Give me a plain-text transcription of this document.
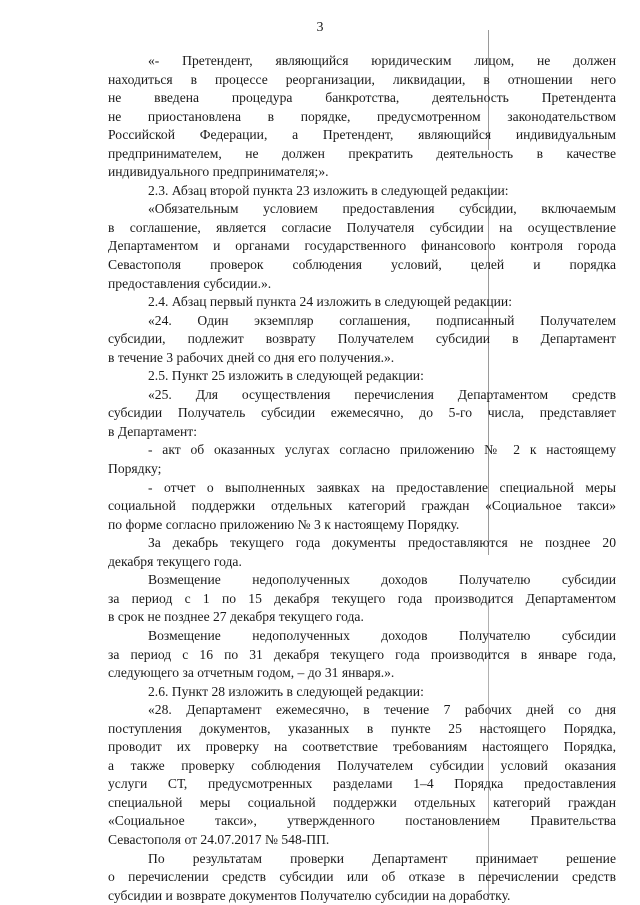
3

«- Претендент, являющийся юридическим лицом, не должен

находиться в процессе реорганизации, ликвидации, в отношении него

не введена процедура банкротства, деятельность Претендента

не приостановлена в порядке, предусмотренном законодательством

Российской Федерации, а Претендент, являющийся индивидуальным

предпринимателем, не должен прекратить деятельность в качестве

индивидуального предпринимателя;».

2.3. Абзац второй пункта 23 изложить в следующей редакции:

«Обязательным условием предоставления субсидии, включаемым

в соглашение, является согласие Получателя субсидии на осуществление

Департаментом и органами государственного финансового контроля города

Севастополя проверок соблюдения условий, целей и порядка

предоставления субсидии.».

2.4. Абзац первый пункта 24 изложить в следующей редакции:

«24. Один экземпляр соглашения, подписанный Получателем

субсидии, подлежит возврату Получателем субсидии в Департамент

в течение 3 рабочих дней со дня его получения.».

2.5. Пункт 25 изложить в следующей редакции:

«25. Для осуществления перечисления Департаментом средств

субсидии Получатель субсидии ежемесячно, до 5-го числа, представляет

в Департамент:

- акт об оказанных услугах согласно приложению № 2 к настоящему

Порядку;

- отчет о выполненных заявках на предоставление специальной меры

социальной поддержки отдельных категорий граждан «Социальное такси»

по форме согласно приложению № 3 к настоящему Порядку.

За декабрь текущего года документы предоставляются не позднее 20

декабря текущего года.

Возмещение недополученных доходов Получателю субсидии

за период с 1 по 15 декабря текущего года производится Департаментом

в срок не позднее 27 декабря текущего года.

Возмещение недополученных доходов Получателю субсидии

за период с 16 по 31 декабря текущего года производится в январе года,

следующего за отчетным годом, – до 31 января.».

2.6. Пункт 28 изложить в следующей редакции:

«28. Департамент ежемесячно, в течение 7 рабочих дней со дня

поступления документов, указанных в пункте 25 настоящего Порядка,

проводит их проверку на соответствие требованиям настоящего Порядка,

а также проверку соблюдения Получателем субсидии условий оказания

услуги СТ, предусмотренных разделами 1–4 Порядка предоставления

специальной меры социальной поддержки отдельных категорий граждан

«Социальное такси», утвержденного постановлением Правительства

Севастополя от 24.07.2017 № 548-ПП.

По результатам проверки Департамент принимает решение

о перечислении средств субсидии или об отказе в перечислении средств

субсидии и возврате документов Получателю субсидии на доработку.
